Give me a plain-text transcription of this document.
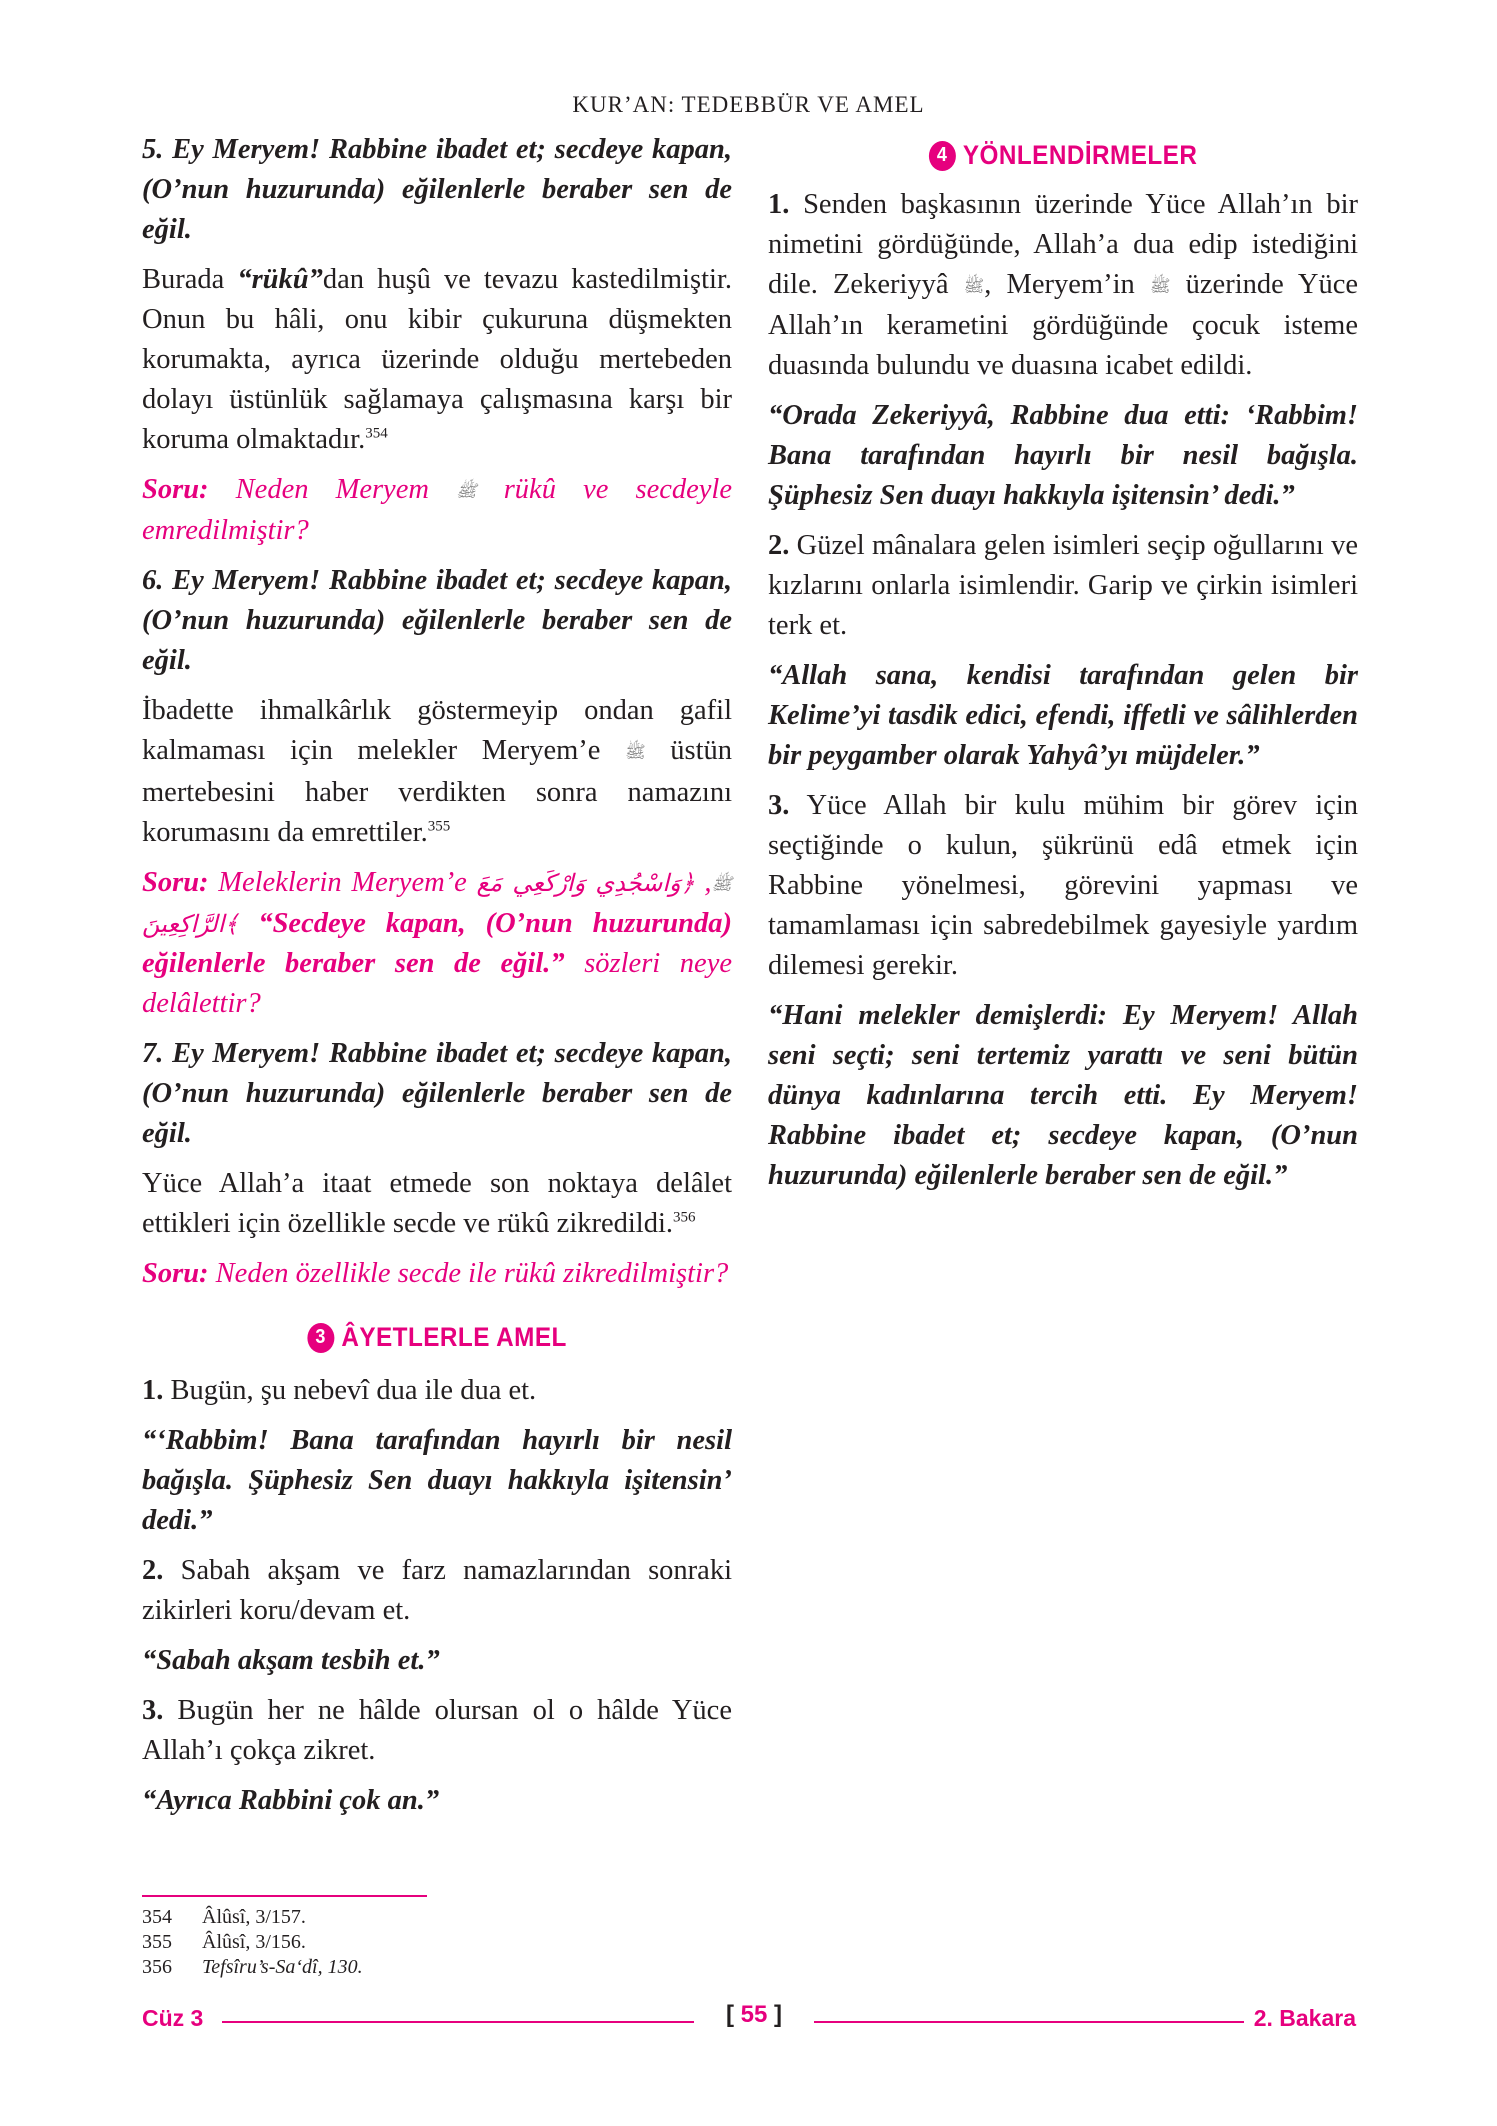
KUR’AN: TEDEBBÜR VE AMEL

5. Ey Meryem! Rabbine ibadet et; secdeye kapan, (O’nun huzurunda) eğilenlerle beraber sen de eğil.

Burada “rükû”dan huşû ve tevazu kastedilmiştir. Onun bu hâli, onu kibir çukuruna düşmekten korumakta, ayrıca üzerinde olduğu mertebeden dolayı üstünlük sağlamaya çalışmasına karşı bir koruma olmaktadır.$^{354}$

Soru: Neden Meryem ﷺ rükû ve secdeyle emredilmiştir?

6. Ey Meryem! Rabbine ibadet et; secdeye kapan, (O’nun huzurunda) eğilenlerle beraber sen de eğil.

İbadette ihmalkârlık göstermeyip ondan gafil kalmaması için melekler Meryem’e ﷺ üstün mertebesini haber verdikten sonra namazını korumasını da emrettiler.$^{355}$

Soru: Meleklerin Meryem’e	ﷺ, ﴿وَاسْجُدِي وَارْكَعِي مَعَ الرَّاكِعِينَ﴾ “Secdeye kapan, (O’nun huzurunda) eğilenlerle beraber sen de eğil.” sözleri neye delâlettir?

7. Ey Meryem! Rabbine ibadet et; secdeye kapan, (O’nun huzurunda) eğilenlerle beraber sen de eğil.

Yüce Allah’a itaat etmede son noktaya delâlet ettikleri için özellikle secde ve rükû zikredildi.$^{356}$

Soru: Neden özellikle secde ile rükû zikredilmiştir?

3 ÂYETLERLE AMEL

1. Bugün, şu nebevî dua ile dua et.

“‘Rabbim! Bana tarafından hayırlı bir nesil bağışla. Şüphesiz Sen duayı hakkıyla işitensin’ dedi.”

2. Sabah akşam ve farz namazlarından sonraki zikirleri koru/devam et.

“Sabah akşam tesbih et.”

3. Bugün her ne hâlde olursan ol o hâlde Yüce Allah’ı çokça zikret.

“Ayrıca Rabbini çok an.”

4 YÖNLENDİRMELER

1. Senden başkasının üzerinde Yüce Allah’ın bir nimetini gördüğünde, Allah’a dua edip istediğini dile. Zekeriyyâ ﷺ, Meryem’in ﷺ üzerinde Yüce Allah’ın kerametini gördüğünde çocuk isteme duasında bulundu ve duasına icabet edildi.

“Orada Zekeriyyâ, Rabbine dua etti: ‘Rabbim! Bana tarafından hayırlı bir nesil bağışla. Şüphesiz Sen duayı hakkıyla işitensin’ dedi.”

2. Güzel mânalara gelen isimleri seçip oğullarını ve kızlarını onlarla isimlendir. Garip ve çirkin isimleri terk et.

“Allah sana, kendisi tarafından gelen bir Kelime’yi tasdik edici, efendi, iffetli ve sâlihlerden bir peygamber olarak Yahyâ’yı müjdeler.”

3. Yüce Allah bir kulu mühim bir görev için seçtiğinde o kulun, şükrünü edâ etmek için Rabbine yönelmesi, görevini yapması ve tamamlaması için sabredebilmek gayesiyle yardım dilemesi gerekir.

“Hani melekler demişlerdi: Ey Meryem! Allah seni seçti; seni tertemiz yarattı ve seni bütün dünya kadınlarına tercih etti. Ey Meryem! Rabbine ibadet et; secdeye kapan, (O’nun huzurunda) eğilenlerle beraber sen de eğil.”

354	Âlûsî, 3/157.
355	Âlûsî, 3/156.
356	Tefsîru’s-Sa‘dî, 130.
Cüz 3	[ 55 ]	2. Bakara
